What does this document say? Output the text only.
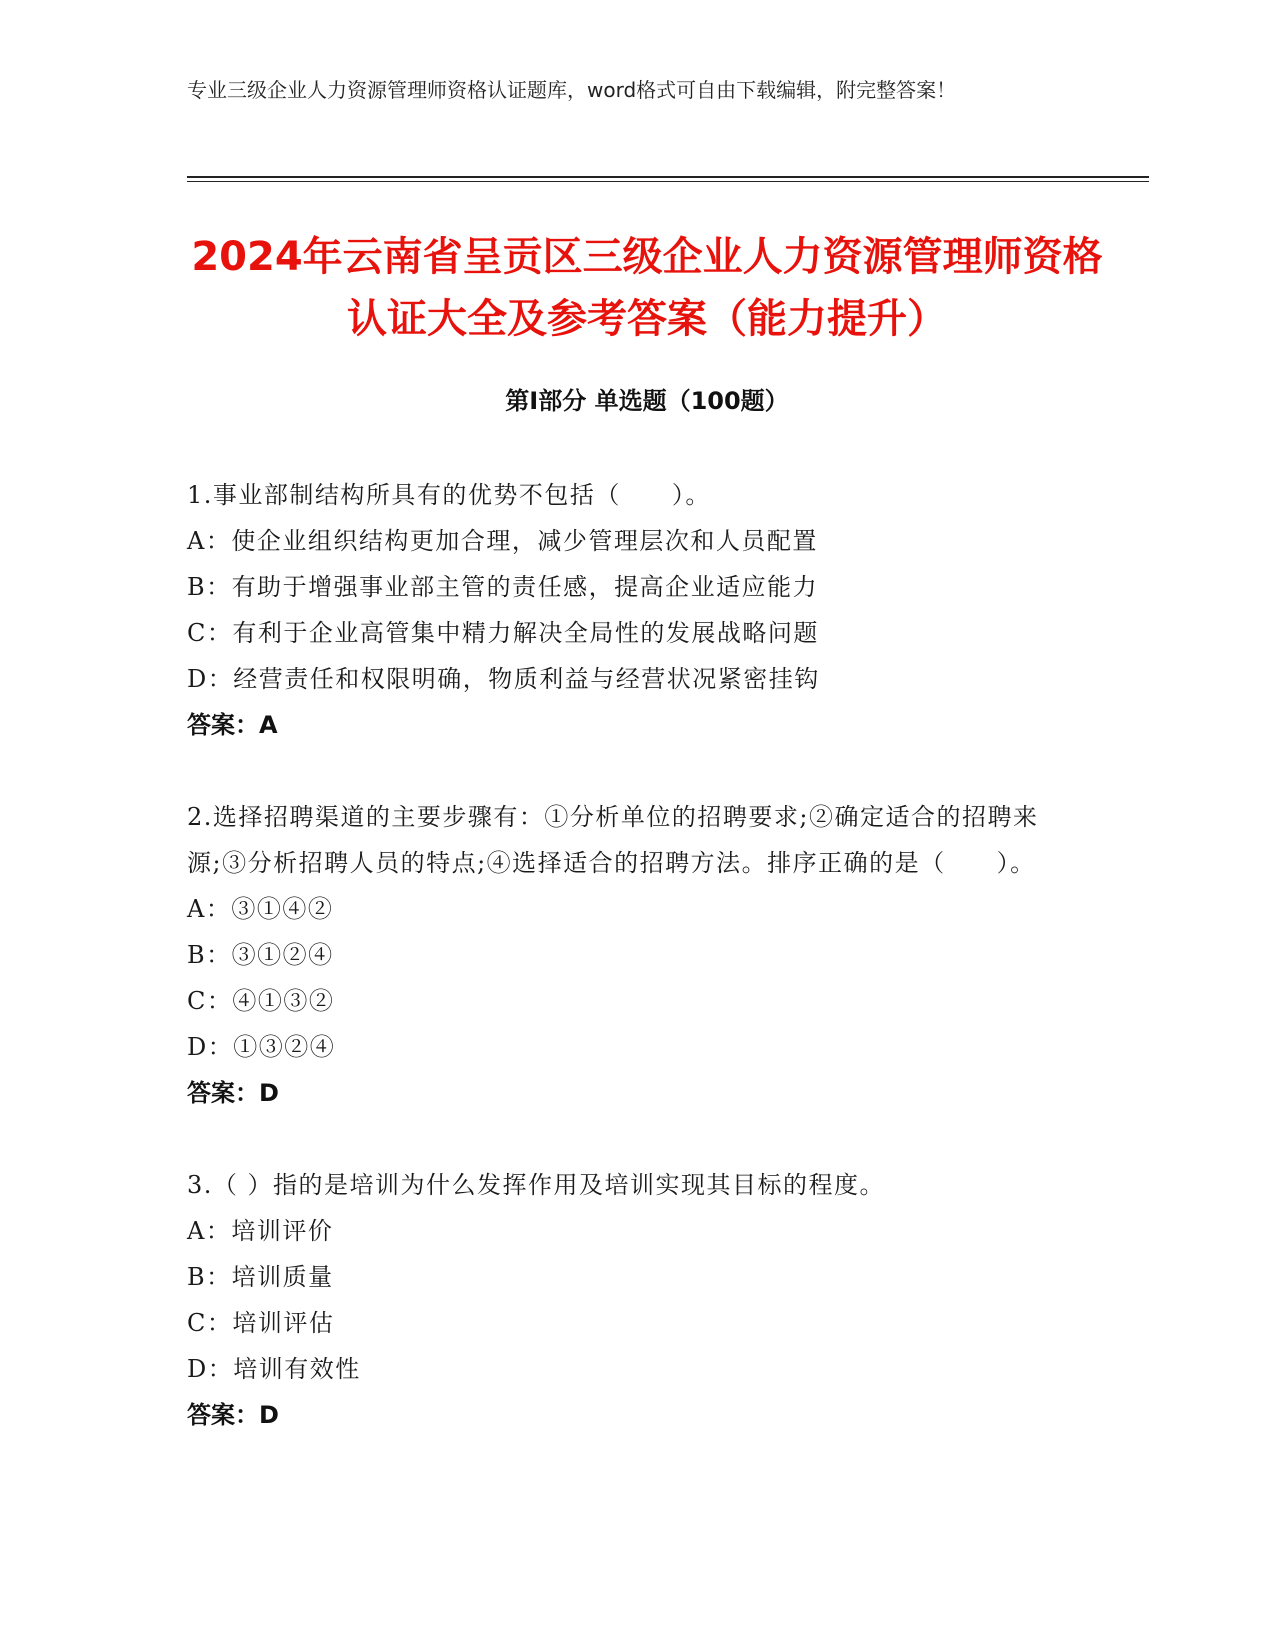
专业三级企业人力资源管理师资格认证题库，word格式可自由下载编辑，附完整答案！
2024年云南省呈贡区三级企业人力资源管理师资格认证大全及参考答案（能力提升）
第I部分 单选题（100题）
1.事业部制结构所具有的优势不包括（　　）。
A：使企业组织结构更加合理，减少管理层次和人员配置
B：有助于增强事业部主管的责任感，提高企业适应能力
C：有利于企业高管集中精力解决全局性的发展战略问题
D：经营责任和权限明确，物质利益与经营状况紧密挂钩
答案：A
2.选择招聘渠道的主要步骤有：①分析单位的招聘要求;②确定适合的招聘来源;③分析招聘人员的特点;④选择适合的招聘方法。排序正确的是（　　）。
A：③①④②
B：③①②④
C：④①③②
D：①③②④
答案：D
3.（ ）指的是培训为什么发挥作用及培训实现其目标的程度。
A：培训评价
B：培训质量
C：培训评估
D：培训有效性
答案：D
